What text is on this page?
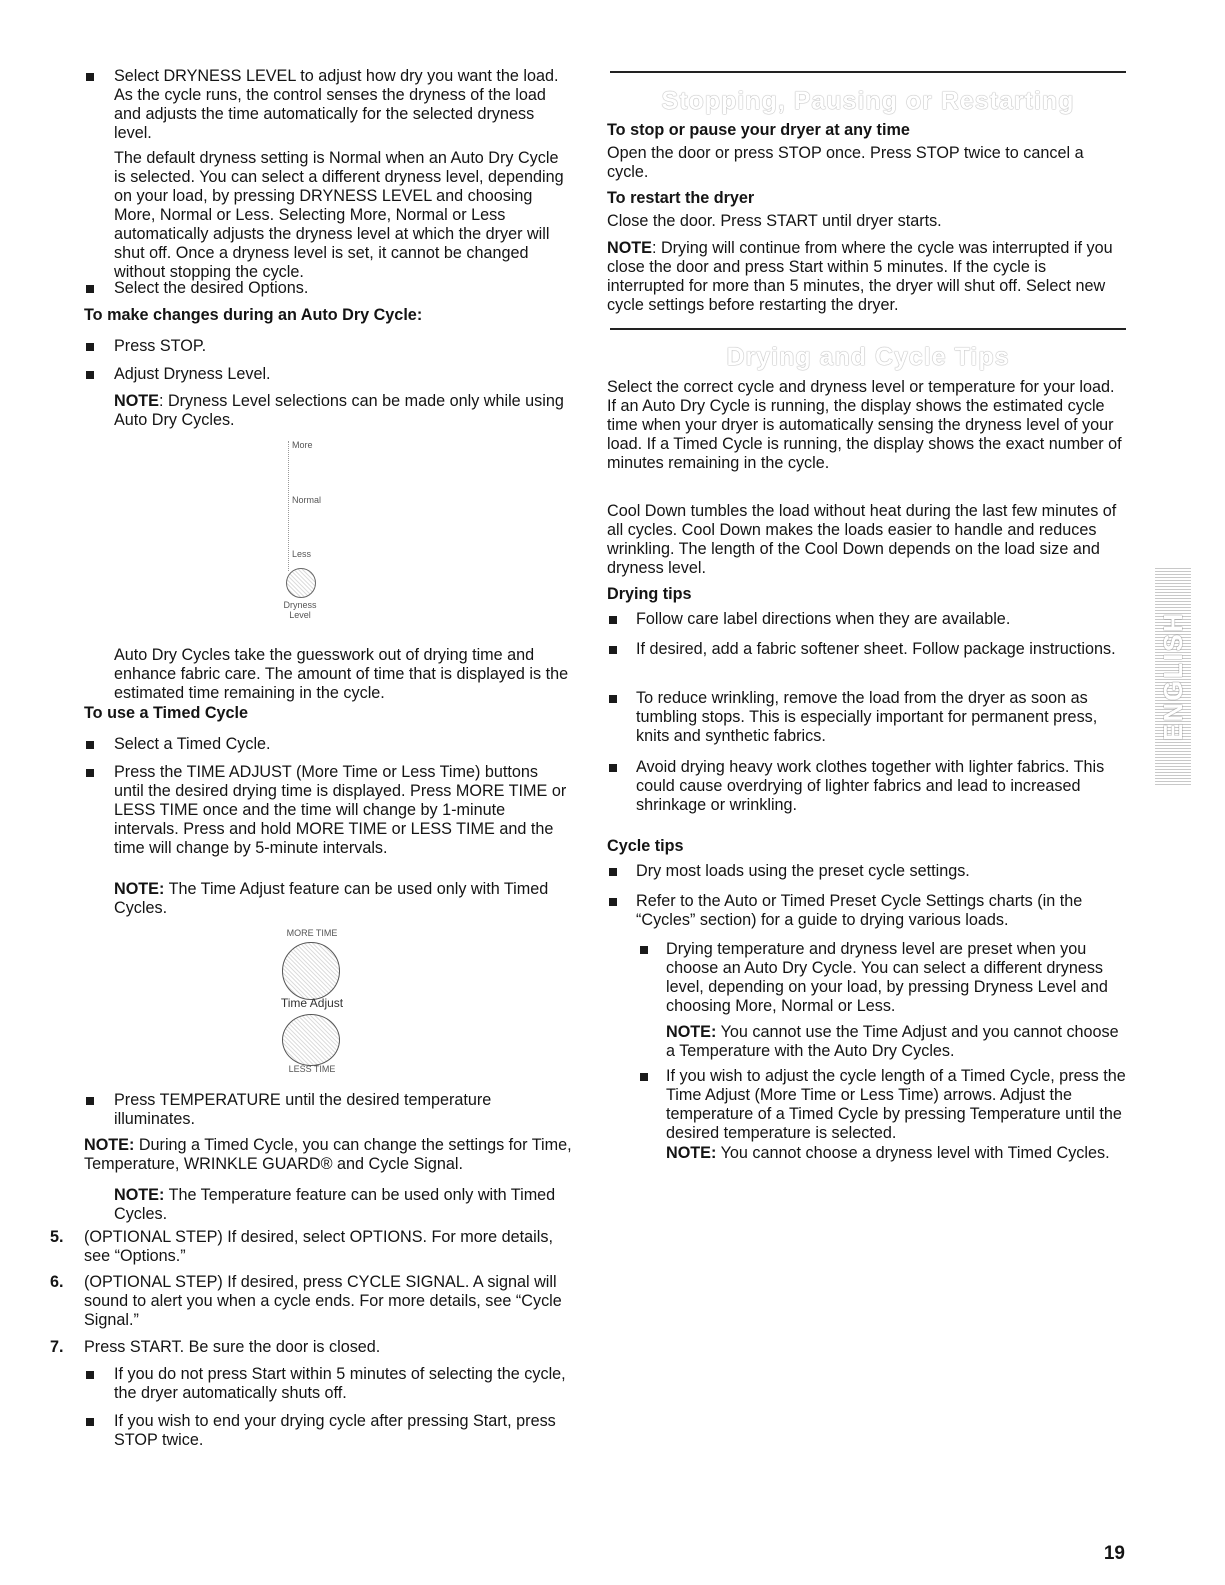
Select DRYNESS LEVEL to adjust how dry you want the load. As the cycle runs, the control senses the dryness of the load and adjusts the time automatically for the selected dryness level.

The default dryness setting is Normal when an Auto Dry Cycle is selected. You can select a different dryness level, depending on your load, by pressing DRYNESS LEVEL and choosing More, Normal or Less. Selecting More, Normal or Less automatically adjusts the dryness level at which the dryer will shut off. Once a dryness level is set, it cannot be changed without stopping the cycle.

Select the desired Options.

To make changes during an Auto Dry Cycle:

Press STOP.

Adjust Dryness Level.

NOTE: Dryness Level selections can be made only while using Auto Dry Cycles.

More
Normal
Less
Dryness Level

Auto Dry Cycles take the guesswork out of drying time and enhance fabric care. The amount of time that is displayed is the estimated time remaining in the cycle.

To use a Timed Cycle

Select a Timed Cycle.

Press the TIME ADJUST (More Time or Less Time) buttons until the desired drying time is displayed. Press MORE TIME or LESS TIME once and the time will change by 1-minute intervals. Press and hold MORE TIME or LESS TIME and the time will change by 5-minute intervals.

NOTE: The Time Adjust feature can be used only with Timed Cycles.

MORE TIME
Time Adjust
LESS TIME

Press TEMPERATURE until the desired temperature illuminates.

NOTE: During a Timed Cycle, you can change the settings for Time, Temperature, WRINKLE GUARD® and Cycle Signal.

NOTE: The Temperature feature can be used only with Timed Cycles.

5. (OPTIONAL STEP) If desired, select OPTIONS. For more details, see “Options.”

6. (OPTIONAL STEP) If desired, press CYCLE SIGNAL. A signal will sound to alert you when a cycle ends. For more details, see “Cycle Signal.”

7. Press START. Be sure the door is closed.

If you do not press Start within 5 minutes of selecting the cycle, the dryer automatically shuts off.

If you wish to end your drying cycle after pressing Start, press STOP twice.

Stopping, Pausing or Restarting

To stop or pause your dryer at any time

Open the door or press STOP once. Press STOP twice to cancel a cycle.

To restart the dryer

Close the door. Press START until dryer starts.

NOTE: Drying will continue from where the cycle was interrupted if you close the door and press Start within 5 minutes. If the cycle is interrupted for more than 5 minutes, the dryer will shut off. Select new cycle settings before restarting the dryer.

Drying and Cycle Tips

Select the correct cycle and dryness level or temperature for your load. If an Auto Dry Cycle is running, the display shows the estimated cycle time when your dryer is automatically sensing the dryness level of your load. If a Timed Cycle is running, the display shows the exact number of minutes remaining in the cycle.

Cool Down tumbles the load without heat during the last few minutes of all cycles. Cool Down makes the loads easier to handle and reduces wrinkling. The length of the Cool Down depends on the load size and dryness level.

Drying tips

Follow care label directions when they are available.

If desired, add a fabric softener sheet. Follow package instructions.

To reduce wrinkling, remove the load from the dryer as soon as tumbling stops. This is especially important for permanent press, knits and synthetic fabrics.

Avoid drying heavy work clothes together with lighter fabrics. This could cause overdrying of lighter fabrics and lead to increased shrinkage or wrinkling.

Cycle tips

Dry most loads using the preset cycle settings.

Refer to the Auto or Timed Preset Cycle Settings charts (in the “Cycles” section) for a guide to drying various loads.

Drying temperature and dryness level are preset when you choose an Auto Dry Cycle. You can select a different dryness level, depending on your load, by pressing Dryness Level and choosing More, Normal or Less.

NOTE: You cannot use the Time Adjust and you cannot choose a Temperature with the Auto Dry Cycles.

If you wish to adjust the cycle length of a Timed Cycle, press the Time Adjust (More Time or Less Time) arrows. Adjust the temperature of a Timed Cycle by pressing Temperature until the desired temperature is selected.

NOTE: You cannot choose a dryness level with Timed Cycles.

ENGLISH
19
